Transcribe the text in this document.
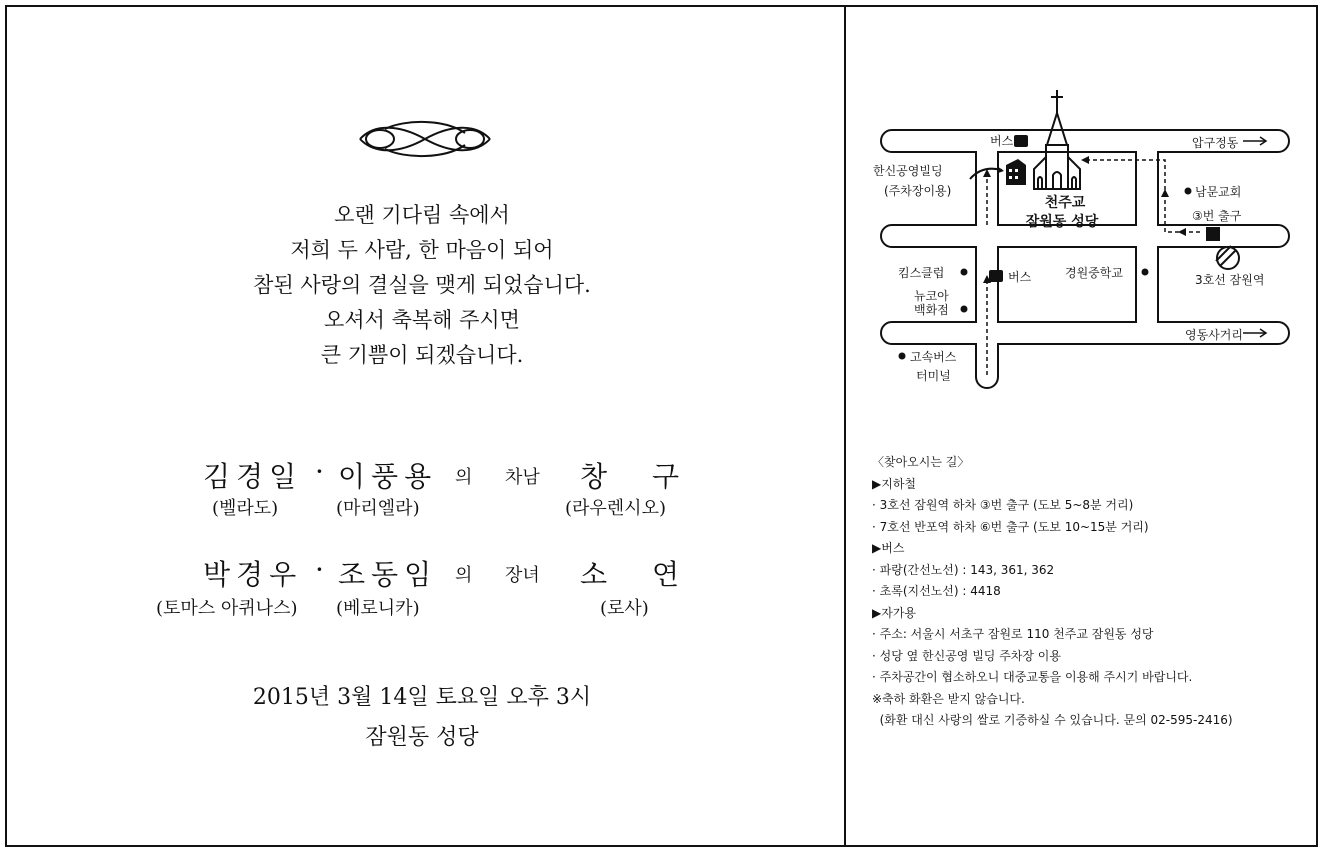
오랜 기다림 속에서
저희 두 사람, 한 마음이 되어
참된 사랑의 결실을 맺게 되었습니다.
오셔서 축복해 주시면
큰 기쁨이 되겠습니다.
김경일 · 이풍용 의 차남 창 구
(벨라도)	(마리엘라)	(라우렌시오)
박경우 · 조동임 의 장녀 소 연
(토마스 아퀴나스) (베로니카)	(로사)
2015년 3월 14일 토요일 오후 3시
잠원동 성당
압구정동
영동사거리
버스
버스
한신공영빌딩
(주차장이용)
천주교
잠원동 성당
남문교회
③번 출구
3호선 잠원역
킴스클럽
뉴코아
백화점
경원중학교
고속버스
터미널
〈찾아오시는 길〉
▶지하철
· 3호선 잠원역 하차 ③번 출구 (도보 5~8분 거리)
· 7호선 반포역 하차 ⑥번 출구 (도보 10~15분 거리)
▶버스
· 파랑(간선노선) : 143, 361, 362
· 초록(지선노선) : 4418
▶자가용
· 주소: 서울시 서초구 잠원로 110 천주교 잠원동 성당
· 성당 옆 한신공영 빌딩 주차장 이용
· 주차공간이 협소하오니 대중교통을 이용해 주시기 바랍니다.
※축하 화환은 받지 않습니다.
(화환 대신 사랑의 쌀로 기증하실 수 있습니다. 문의 02-595-2416)
